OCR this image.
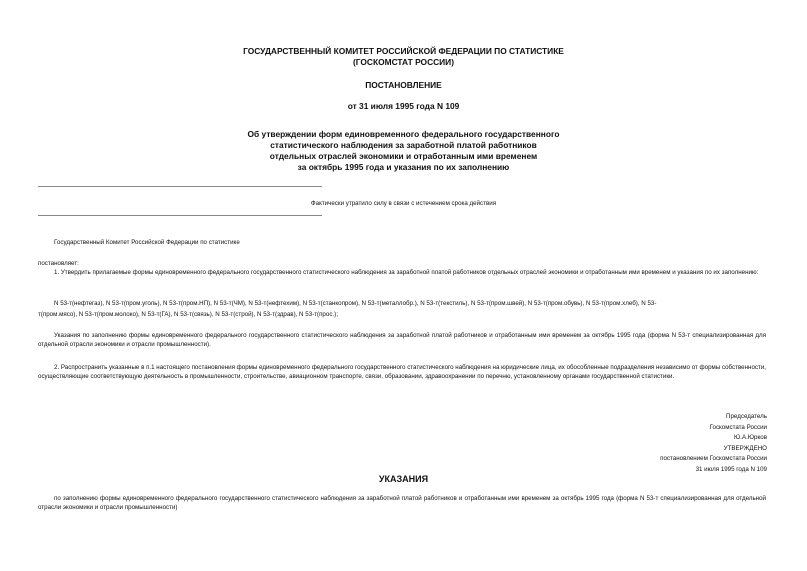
ГОСУДАРСТВЕННЫЙ КОМИТЕТ РОССИЙСКОЙ ФЕДЕРАЦИИ ПО СТАТИСТИКЕ
(ГОСКОМСТАТ РОССИИ)
ПОСТАНОВЛЕНИЕ
от 31 июля 1995 года N 109
Об утверждении форм единовременного федерального государственного
статистического наблюдения за заработной платой работников
отдельных отраслей экономики и отработанным ими временем
за октябрь 1995 года и указания по их заполнению
Фактически утратило силу в связи с истечением срока действия
Государственный Комитет Российской Федерации по статистике
постановляет:
1. Утвердить прилагаемые формы единовременного федерального государственного статистического наблюдения за заработной платой работников отдельных отраслей экономики и отработанным ими временем и указания по их заполнению:
N 53-т(нефтегаз), N 53-т(пром.уголь), N 53-т(пром.НП), N 53-т(ЧМ), N 53-т(нефтехим), N 53-т(станкопром), N 53-т(металлобр.), N 53-т(текстиль), N 53-т(пром.швей), N 53-т(пром.обувь), N 53-т(пром.хлеб), N 53-
т(пром.мясо), N 53-т(пром.молоко), N 53-т(ГА), N 53-т(связь), N 53-т(строй), N 53-т(здрав), N 53-т(прос.);
Указания по заполнению формы единовременного федерального государственного статистического наблюдения за заработной платой работников и отработанным ими временем за октябрь 1995 года (форма N 53-т специализированная для отдельной отрасли экономики и отрасли промышленности).
2. Распространить указанные в п.1 настоящего постановления формы единовременного федерального государственного статистического наблюдения на юридические лица, их обособленные подразделения независимо от формы собственности, осуществляющие соответствующую деятельность в промышленности, строительстве, авиационном транспорте, связи, образовании, здравоохранении по перечню, установленному органами государственной статистики.
Председатель
Госкомстата России
Ю.А.Юрков
УТВЕРЖДЕНО
постановлением Госкомстата России
31 июля 1995 года N 109
УКАЗАНИЯ
по заполнению формы единовременного федерального государственного статистического наблюдения за заработной платой работников и отработанным ими временем за октябрь 1995 года (форма N 53-т специализированная для отдельной отрасли экономики и отрасли промышленности)
